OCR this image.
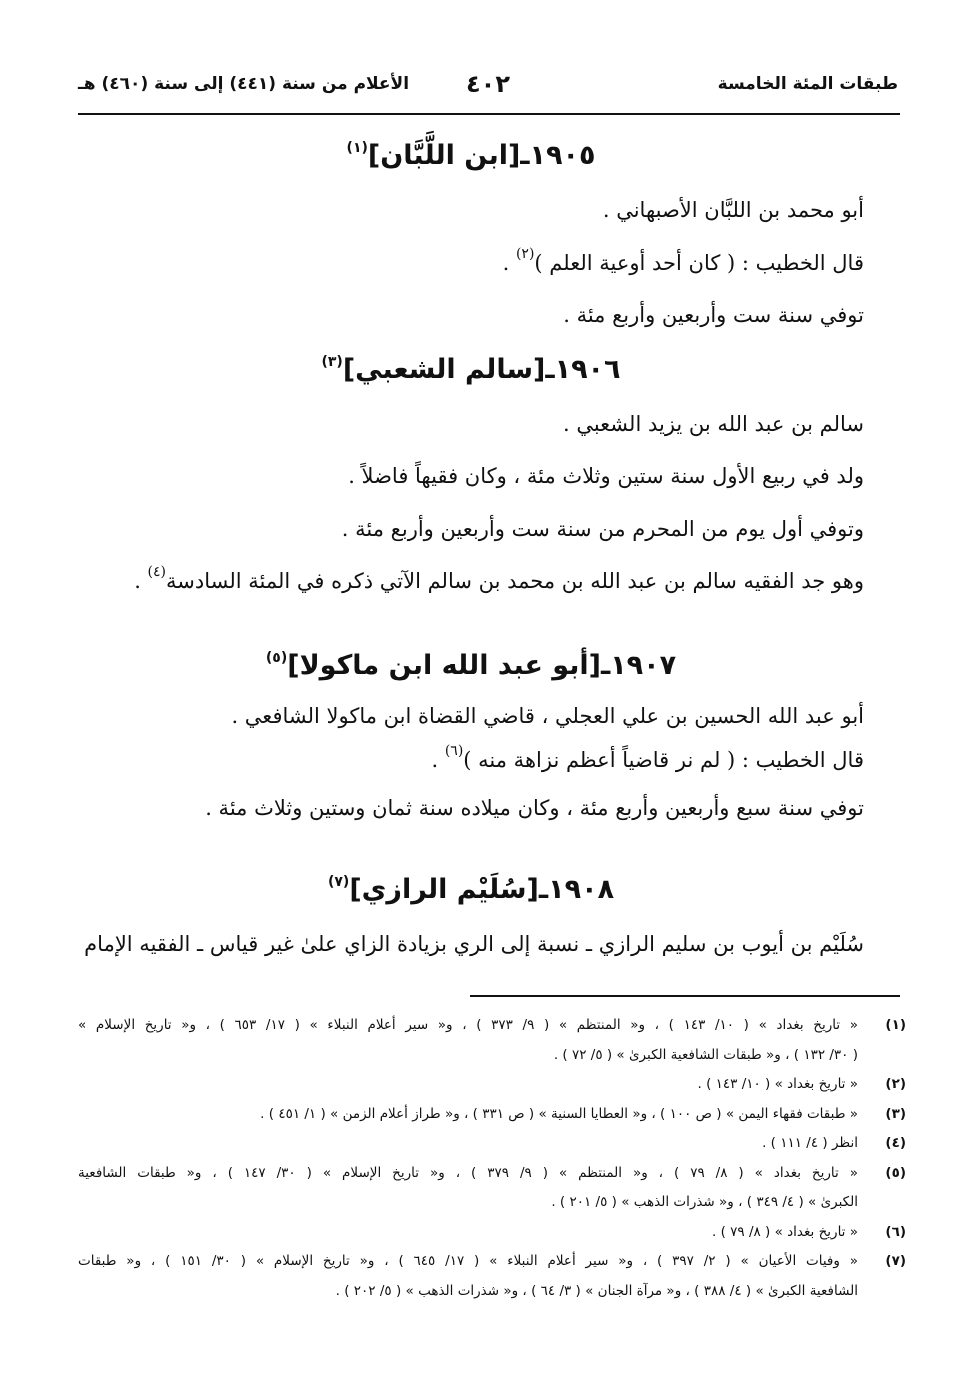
طبقات المئة الخامسة
٤٠٢
الأعلام من سنة (٤٤١) إلى سنة (٤٦٠) هـ
١٩٠٥ـ[ابن اللَّبَّان]$^{(١)}$
أبو محمد بن اللبَّان الأصبهاني .
قال الخطيب : ( كان أحد أوعية العلم )$^{(٢)}$ .
توفي سنة ست وأربعين وأربع مئة .
١٩٠٦ـ[سالم الشعبي]$^{(٣)}$
سالم بن عبد الله بن يزيد الشعبي .
ولد في ربيع الأول سنة ستين وثلاث مئة ، وكان فقيهاً فاضلاً .
وتوفي أول يوم من المحرم من سنة ست وأربعين وأربع مئة .
وهو جد الفقيه سالم بن عبد الله بن محمد بن سالم الآتي ذكره في المئة السادسة$^{(٤)}$ .
١٩٠٧ـ[أبو عبد الله ابن ماكولا]$^{(٥)}$
أبو عبد الله الحسين بن علي العجلي ، قاضي القضاة ابن ماكولا الشافعي .
قال الخطيب : ( لم نر قاضياً أعظم نزاهة منه )$^{(٦)}$ .
توفي سنة سبع وأربعين وأربع مئة ، وكان ميلاده سنة ثمان وستين وثلاث مئة .
١٩٠٨ـ[سُلَيْم الرازي]$^{(٧)}$
سُلَيْم بن أيوب بن سليم الرازي ـ نسبة إلى الري بزيادة الزاي علىٰ غير قياس ـ الفقيه الإمام
(١)
« تاريخ بغداد » ( ١٠/ ١٤٣ ) ، و« المنتظم » ( ٩/ ٣٧٣ ) ، و« سير أعلام النبلاء » ( ١٧/ ٦٥٣ ) ، و« تاريخ الإسلام »
( ٣٠/ ١٣٢ ) ، و« طبقات الشافعية الكبرىٰ » ( ٥/ ٧٢ ) .
(٢)
« تاريخ بغداد » ( ١٠/ ١٤٣ ) .
(٣)
« طبقات فقهاء اليمن » ( ص ١٠٠ ) ، و« العطايا السنية » ( ص ٣٣١ ) ، و« طراز أعلام الزمن » ( ١/ ٤٥١ ) .
(٤)
انظر ( ٤/ ١١١ ) .
(٥)
« تاريخ بغداد » ( ٨/ ٧٩ ) ، و« المنتظم » ( ٩/ ٣٧٩ ) ، و« تاريخ الإسلام » ( ٣٠/ ١٤٧ ) ، و« طبقات الشافعية
الكبرىٰ » ( ٤/ ٣٤٩ ) ، و« شذرات الذهب » ( ٥/ ٢٠١ ) .
(٦)
« تاريخ بغداد » ( ٨/ ٧٩ ) .
(٧)
« وفيات الأعيان » ( ٢/ ٣٩٧ ) ، و« سير أعلام النبلاء » ( ١٧/ ٦٤٥ ) ، و« تاريخ الإسلام » ( ٣٠/ ١٥١ ) ، و« طبقات
الشافعية الكبرىٰ » ( ٤/ ٣٨٨ ) ، و« مرآة الجنان » ( ٣/ ٦٤ ) ، و« شذرات الذهب » ( ٥/ ٢٠٢ ) .
